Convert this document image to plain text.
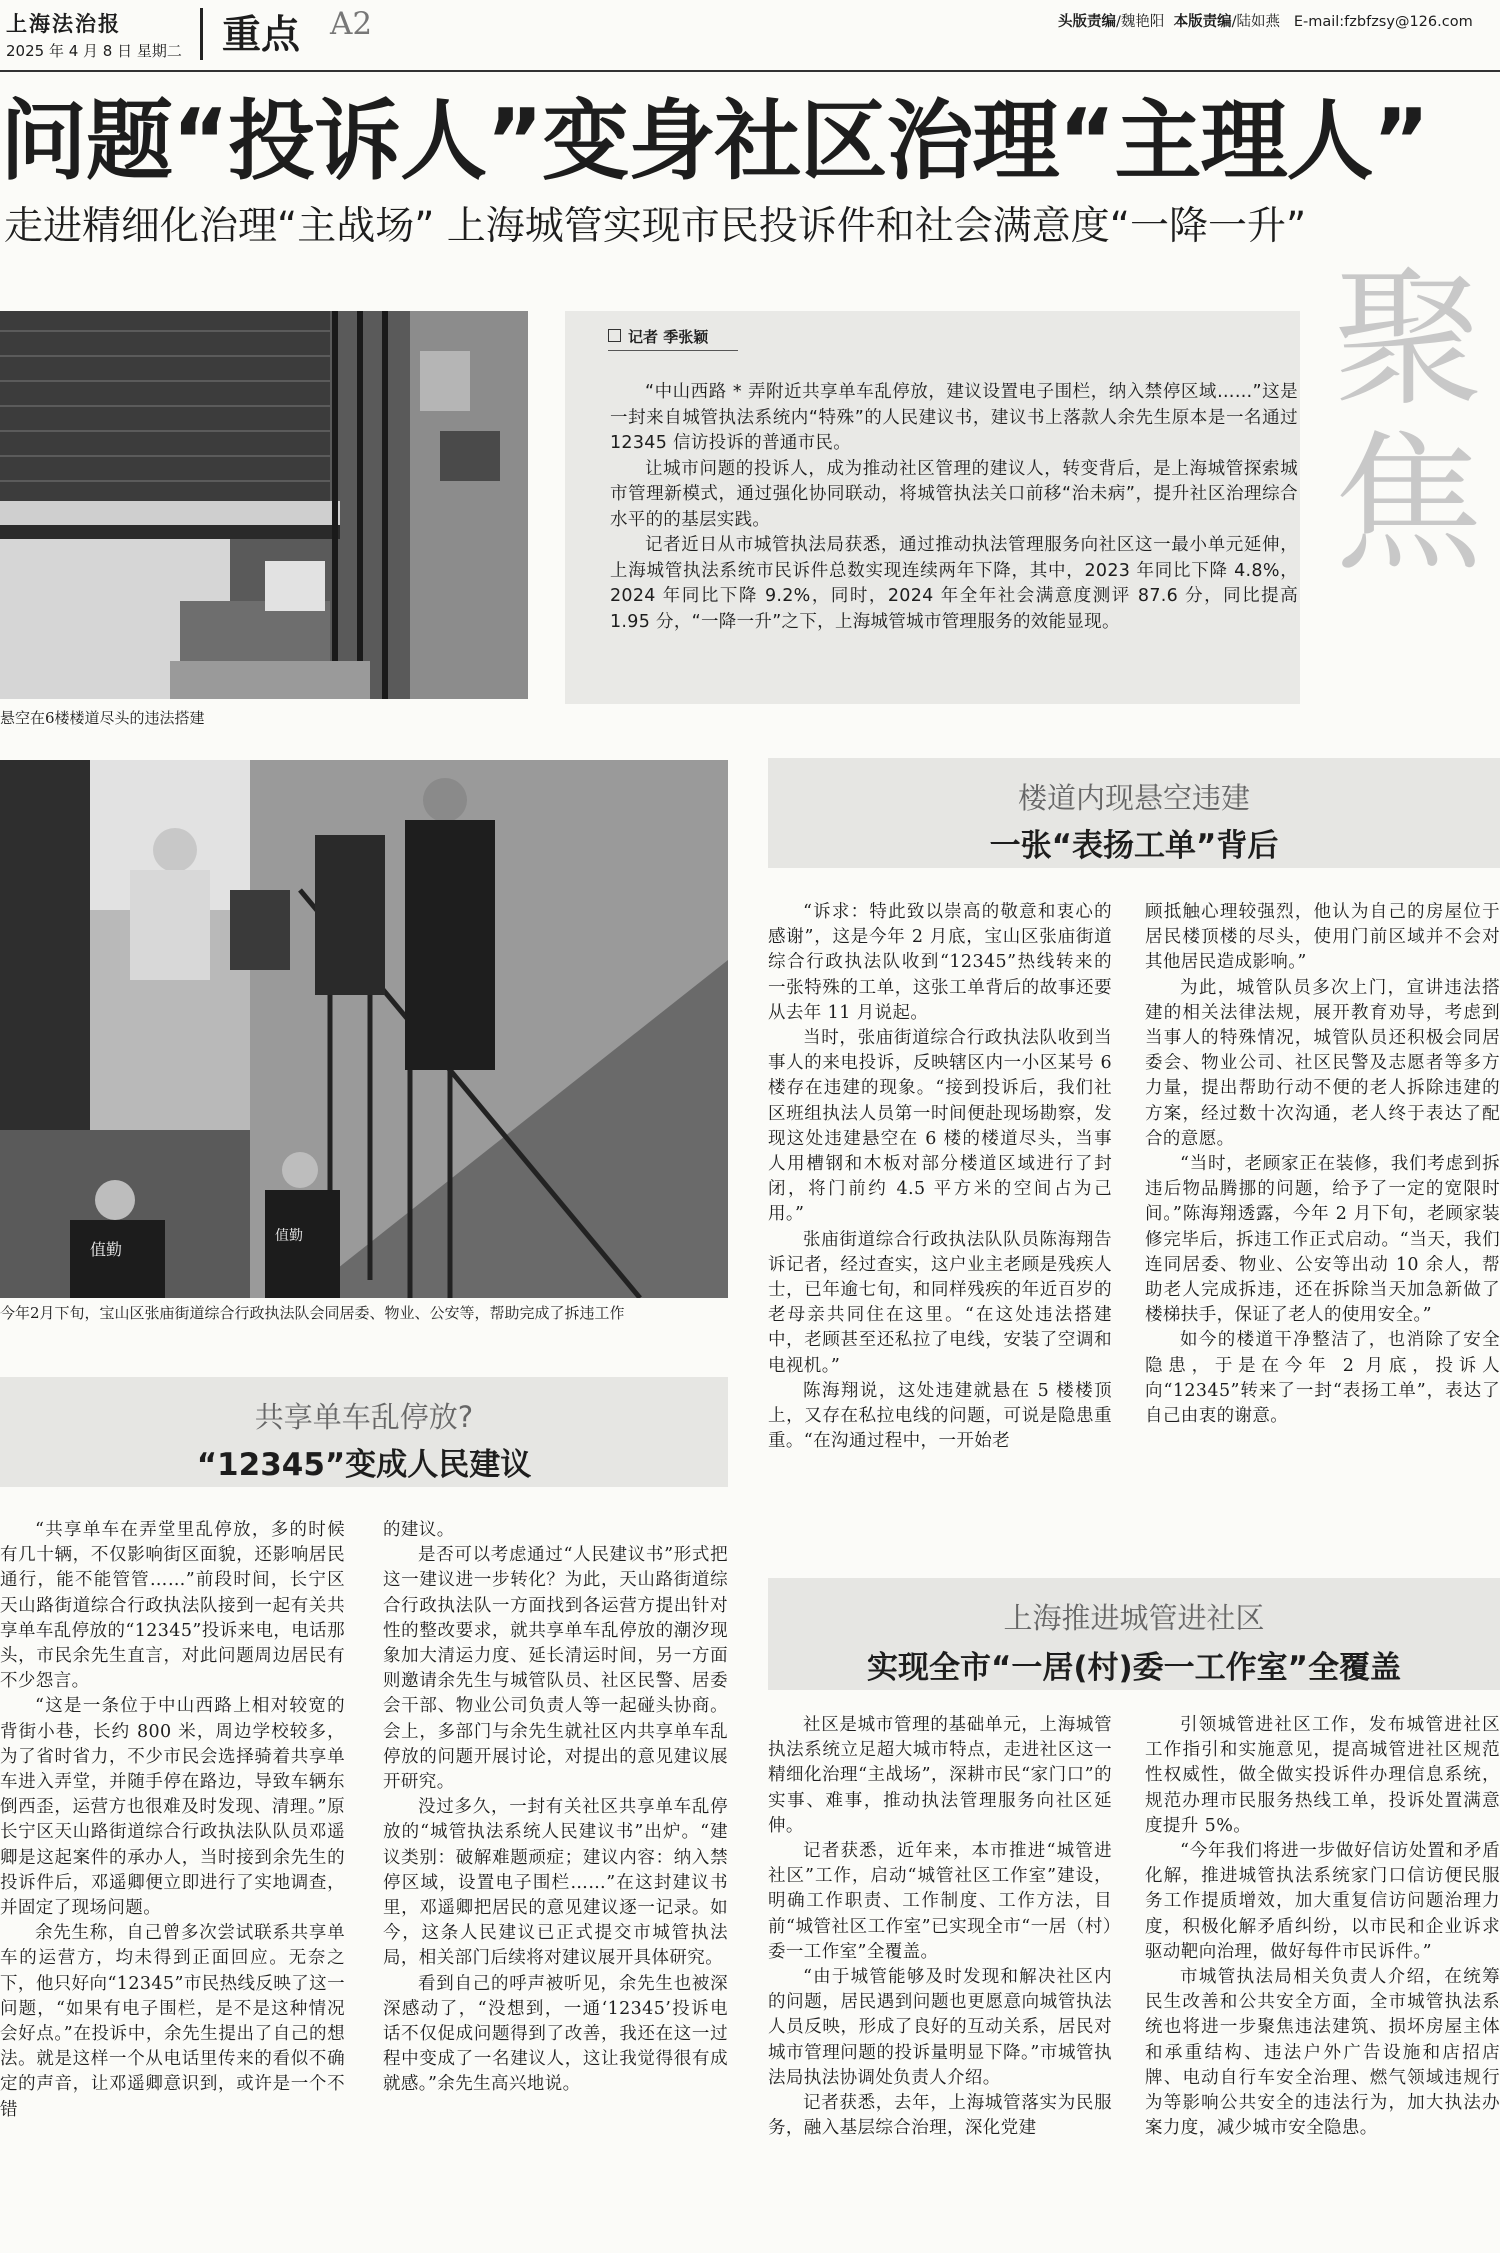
上海法治报
2025 年 4 月 8 日 星期二	重点 A2	头版责编/魏艳阳 本版责编/陆如燕 E-mail:fzbfzsy@126.com
问题“投诉人”变身社区治理“主理人”
走进精细化治理“主战场” 上海城管实现市民投诉件和社会满意度“一降一升”
聚焦
悬空在6楼楼道尽头的违法搭建
记者 季张颖

“中山西路 * 弄附近共享单车乱停放，建议设置电子围栏，纳入禁停区域……”这是一封来自城管执法系统内“特殊”的人民建议书，建议书上落款人余先生原本是一名通过 12345 信访投诉的普通市民。

让城市问题的投诉人，成为推动社区管理的建议人，转变背后，是上海城管探索城市管理新模式，通过强化协同联动，将城管执法关口前移“治未病”，提升社区治理综合水平的的基层实践。

记者近日从市城管执法局获悉，通过推动执法管理服务向社区这一最小单元延伸，上海城管执法系统市民诉件总数实现连续两年下降，其中，2023 年同比下降 4.8%，2024 年同比下降 9.2%，同时，2024 年全年社会满意度测评 87.6 分，同比提高 1.95 分，“一降一升”之下，上海城管城市管理服务的效能显现。

值勤
值勤
今年2月下旬，宝山区张庙街道综合行政执法队会同居委、物业、公安等，帮助完成了拆违工作
楼道内现悬空违建
一张“表扬工单”背后

“诉求：特此致以崇高的敬意和衷心的感谢”，这是今年 2 月底，宝山区张庙街道综合行政执法队收到“12345”热线转来的一张特殊的工单，这张工单背后的故事还要从去年 11 月说起。

当时，张庙街道综合行政执法队收到当事人的来电投诉，反映辖区内一小区某号 6 楼存在违建的现象。“接到投诉后，我们社区班组执法人员第一时间便赴现场勘察，发现这处违建悬空在 6 楼的楼道尽头，当事人用槽钢和木板对部分楼道区域进行了封闭，将门前约 4.5 平方米的空间占为己用。”

张庙街道综合行政执法队队员陈海翔告诉记者，经过查实，这户业主老顾是残疾人士，已年逾七旬，和同样残疾的年近百岁的老母亲共同住在这里。“在这处违法搭建中，老顾甚至还私拉了电线，安装了空调和电视机。”

陈海翔说，这处违建就悬在 5 楼楼顶上，又存在私拉电线的问题，可说是隐患重重。“在沟通过程中，一开始老

顾抵触心理较强烈，他认为自己的房屋位于居民楼顶楼的尽头，使用门前区域并不会对其他居民造成影响。”

为此，城管队员多次上门，宣讲违法搭建的相关法律法规，展开教育劝导，考虑到当事人的特殊情况，城管队员还积极会同居委会、物业公司、社区民警及志愿者等多方力量，提出帮助行动不便的老人拆除违建的方案，经过数十次沟通，老人终于表达了配合的意愿。

“当时，老顾家正在装修，我们考虑到拆违后物品腾挪的问题，给予了一定的宽限时间。”陈海翔透露，今年 2 月下旬，老顾家装修完毕后，拆违工作正式启动。“当天，我们连同居委、物业、公安等出动 10 余人，帮助老人完成拆违，还在拆除当天加急新做了楼梯扶手，保证了老人的使用安全。”

如今的楼道干净整洁了，也消除了安全隐患，于是在今年 2 月底，投诉人向“12345”转来了一封“表扬工单”，表达了自己由衷的谢意。

共享单车乱停放?
“12345”变成人民建议

“共享单车在弄堂里乱停放，多的时候有几十辆，不仅影响街区面貌，还影响居民通行，能不能管管……”前段时间，长宁区天山路街道综合行政执法队接到一起有关共享单车乱停放的“12345”投诉来电，电话那头，市民余先生直言，对此问题周边居民有不少怨言。

“这是一条位于中山西路上相对较宽的背街小巷，长约 800 米，周边学校较多，为了省时省力，不少市民会选择骑着共享单车进入弄堂，并随手停在路边，导致车辆东倒西歪，运营方也很难及时发现、清理。”原长宁区天山路街道综合行政执法队队员邓遥卿是这起案件的承办人，当时接到余先生的投诉件后，邓遥卿便立即进行了实地调查，并固定了现场问题。

余先生称，自己曾多次尝试联系共享单车的运营方，均未得到正面回应。无奈之下，他只好向“12345”市民热线反映了这一问题，“如果有电子围栏，是不是这种情况会好点。”在投诉中，余先生提出了自己的想法。就是这样一个从电话里传来的看似不确定的声音，让邓遥卿意识到，或许是一个不错

的建议。

是否可以考虑通过“人民建议书”形式把这一建议进一步转化？为此，天山路街道综合行政执法队一方面找到各运营方提出针对性的整改要求，就共享单车乱停放的潮汐现象加大清运力度、延长清运时间，另一方面则邀请余先生与城管队员、社区民警、居委会干部、物业公司负责人等一起碰头协商。会上，多部门与余先生就社区内共享单车乱停放的问题开展讨论，对提出的意见建议展开研究。

没过多久，一封有关社区共享单车乱停放的“城管执法系统人民建议书”出炉。“建议类别：破解难题顽症；建议内容：纳入禁停区域，设置电子围栏……”在这封建议书里，邓遥卿把居民的意见建议逐一记录。如今，这条人民建议已正式提交市城管执法局，相关部门后续将对建议展开具体研究。

看到自己的呼声被听见，余先生也被深深感动了，“没想到，一通‘12345’投诉电话不仅促成问题得到了改善，我还在这一过程中变成了一名建议人，这让我觉得很有成就感。”余先生高兴地说。

上海推进城管进社区
实现全市“一居(村)委一工作室”全覆盖

社区是城市管理的基础单元，上海城管执法系统立足超大城市特点，走进社区这一精细化治理“主战场”，深耕市民“家门口”的实事、难事，推动执法管理服务向社区延伸。

记者获悉，近年来，本市推进“城管进社区”工作，启动“城管社区工作室”建设，明确工作职责、工作制度、工作方法，目前“城管社区工作室”已实现全市“一居（村）委一工作室”全覆盖。

“由于城管能够及时发现和解决社区内的问题，居民遇到问题也更愿意向城管执法人员反映，形成了良好的互动关系，居民对城市管理问题的投诉量明显下降。”市城管执法局执法协调处负责人介绍。

记者获悉，去年，上海城管落实为民服务，融入基层综合治理，深化党建

引领城管进社区工作，发布城管进社区工作指引和实施意见，提高城管进社区规范性权威性，做全做实投诉件办理信息系统，规范办理市民服务热线工单，投诉处置满意度提升 5%。

“今年我们将进一步做好信访处置和矛盾化解，推进城管执法系统家门口信访便民服务工作提质增效，加大重复信访问题治理力度，积极化解矛盾纠纷，以市民和企业诉求驱动靶向治理，做好每件市民诉件。”

市城管执法局相关负责人介绍，在统筹民生改善和公共安全方面，全市城管执法系统也将进一步聚焦违法建筑、损坏房屋主体和承重结构、违法户外广告设施和店招店牌、电动自行车安全治理、燃气领域违规行为等影响公共安全的违法行为，加大执法办案力度，减少城市安全隐患。
